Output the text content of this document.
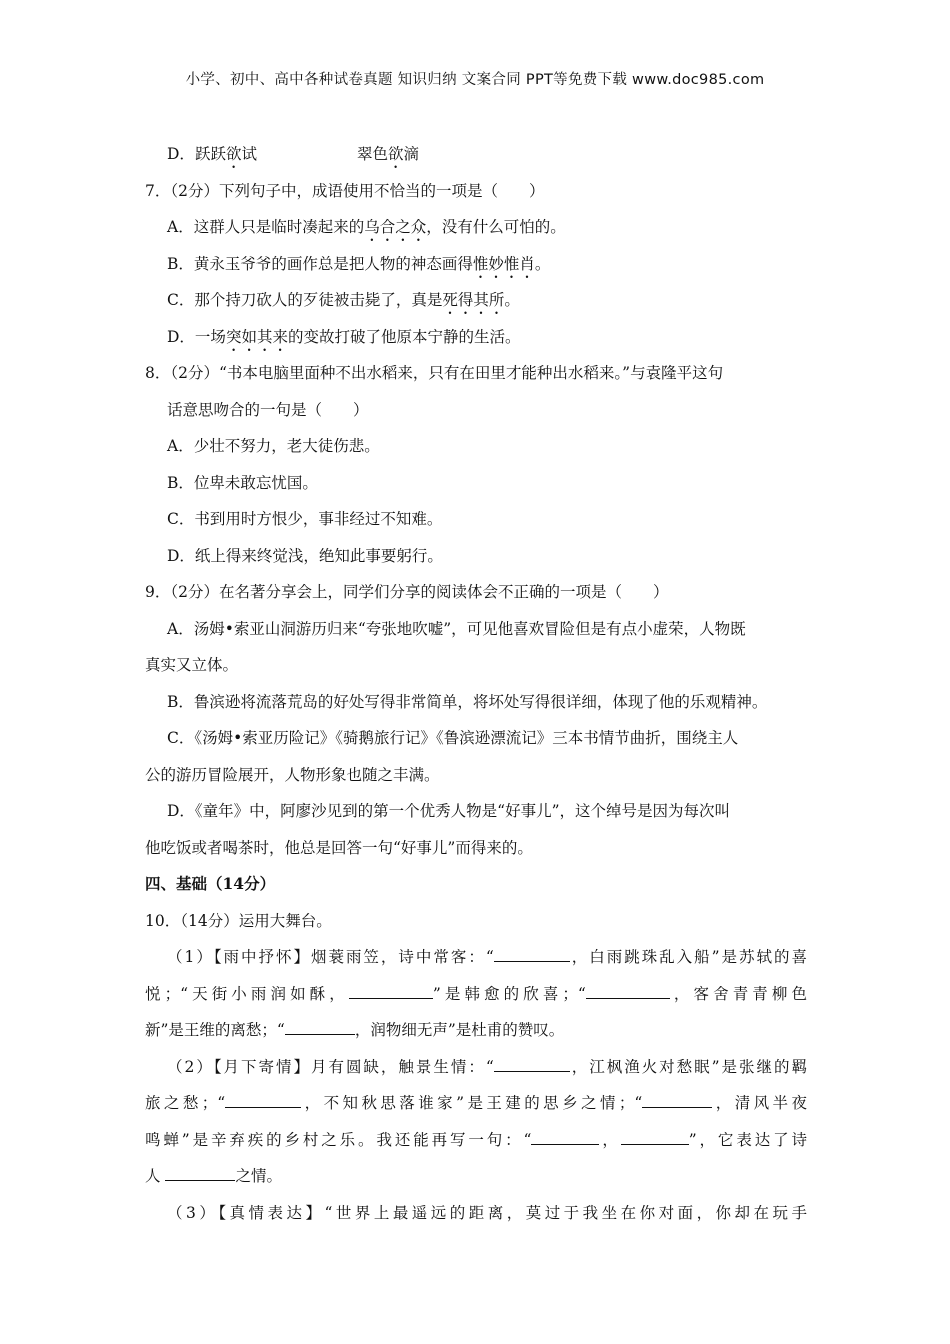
小学、初中、高中各种试卷真题 知识归纳 文案合同 PPT等免费下载 www.doc985.com
D．跃跃欲试	翠色欲滴
7．（2分）下列句子中，成语使用不恰当的一项是（　　）
A．这群人只是临时凑起来的乌合之众，没有什么可怕的。
B．黄永玉爷爷的画作总是把人物的神态画得惟妙惟肖。
C．那个持刀砍人的歹徒被击毙了，真是死得其所。
D．一场突如其来的变故打破了他原本宁静的生活。
8．（2分）“书本电脑里面种不出水稻来，只有在田里才能种出水稻来。”与袁隆平这句
话意思吻合的一句是（　　）
A．少壮不努力，老大徒伤悲。
B．位卑未敢忘忧国。
C．书到用时方恨少，事非经过不知难。
D．纸上得来终觉浅，绝知此事要躬行。
9．（2分）在名著分享会上，同学们分享的阅读体会不正确的一项是（　　）
A．汤姆•索亚山洞游历归来“夸张地吹嘘”，可见他喜欢冒险但是有点小虚荣，人物既
真实又立体。
B．鲁滨逊将流落荒岛的好处写得非常简单，将坏处写得很详细，体现了他的乐观精神。
C．《汤姆•索亚历险记》《骑鹅旅行记》《鲁滨逊漂流记》三本书情节曲折，围绕主人
公的游历冒险展开，人物形象也随之丰满。
D．《童年》中，阿廖沙见到的第一个优秀人物是“好事儿”，这个绰号是因为每次叫
他吃饭或者喝茶时，他总是回答一句“好事儿”而得来的。
四、基础（14分）
10．（14分）运用大舞台。
（1）【雨中抒怀】烟蓑雨笠，诗中常客：“	，白雨跳珠乱入船”是苏轼的喜
悦；“天街小雨润如酥，	”是韩愈的欣喜；“	，客舍青青柳色
新”是王维的离愁；“	，润物细无声”是杜甫的赞叹。
（2）【月下寄情】月有圆缺，触景生情：“	，江枫渔火对愁眠”是张继的羁
旅之愁；“	，不知秋思落谁家”是王建的思乡之情；“	，清风半夜
鸣蝉”是辛弃疾的乡村之乐。我还能再写一句：“	，	”，它表达了诗
人	之情。
（3）【真情表达】“世界上最遥远的距离，莫过于我坐在你对面，你却在玩手
